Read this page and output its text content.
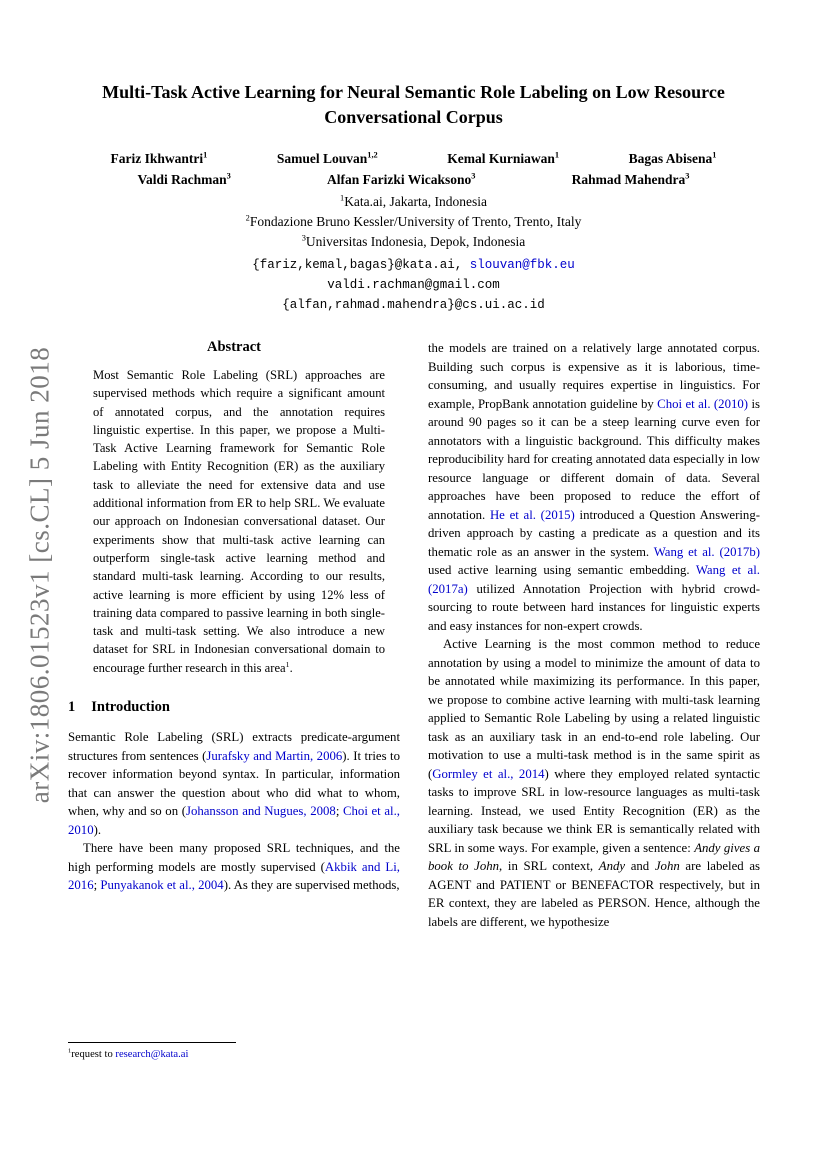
arXiv:1806.01523v1 [cs.CL] 5 Jun 2018
Multi-Task Active Learning for Neural Semantic Role Labeling on Low Resource Conversational Corpus
Fariz Ikhwantri$^1$	Samuel Louvan$^{1,2}$	Kemal Kurniawan$^1$	Bagas Abisena$^1$
Valdi Rachman$^3$	Alfan Farizki Wicaksono$^3$	Rahmad Mahendra$^3$
$^1$Kata.ai, Jakarta, Indonesia
$^2$Fondazione Bruno Kessler/University of Trento, Trento, Italy
$^3$Universitas Indonesia, Depok, Indonesia
{fariz,kemal,bagas}@kata.ai, slouvan@fbk.eu
valdi.rachman@gmail.com
{alfan,rahmad.mahendra}@cs.ui.ac.id
Abstract

Most Semantic Role Labeling (SRL) approaches are supervised methods which require a significant amount of annotated corpus, and the annotation requires linguistic expertise. In this paper, we propose a Multi-Task Active Learning framework for Semantic Role Labeling with Entity Recognition (ER) as the auxiliary task to alleviate the need for extensive data and use additional information from ER to help SRL. We evaluate our approach on Indonesian conversational dataset. Our experiments show that multi-task active learning can outperform single-task active learning method and standard multi-task learning. According to our results, active learning is more efficient by using 12% less of training data compared to passive learning in both single-task and multi-task setting. We also introduce a new dataset for SRL in Indonesian conversational domain to encourage further research in this area$^1$.

1 Introduction

Semantic Role Labeling (SRL) extracts predicate-argument structures from sentences (Jurafsky and Martin, 2006). It tries to recover information beyond syntax. In particular, information that can answer the question about who did what to whom, when, why and so on (Johansson and Nugues, 2008; Choi et al., 2010).

There have been many proposed SRL techniques, and the high performing models are mostly supervised (Akbik and Li, 2016; Punyakanok et al., 2004). As they are supervised methods,

the models are trained on a relatively large annotated corpus. Building such corpus is expensive as it is laborious, time-consuming, and usually requires expertise in linguistics. For example, PropBank annotation guideline by Choi et al. (2010) is around 90 pages so it can be a steep learning curve even for annotators with a linguistic background. This difficulty makes reproducibility hard for creating annotated data especially in low resource language or different domain of data. Several approaches have been proposed to reduce the effort of annotation. He et al. (2015) introduced a Question Answering-driven approach by casting a predicate as a question and its thematic role as an answer in the system. Wang et al. (2017b) used active learning using semantic embedding. Wang et al. (2017a) utilized Annotation Projection with hybrid crowd-sourcing to route between hard instances for linguistic experts and easy instances for non-expert crowds.

Active Learning is the most common method to reduce annotation by using a model to minimize the amount of data to be annotated while maximizing its performance. In this paper, we propose to combine active learning with multi-task learning applied to Semantic Role Labeling by using a related linguistic task as an auxiliary task in an end-to-end role labeling. Our motivation to use a multi-task method is in the same spirit as (Gormley et al., 2014) where they employed related syntactic tasks to improve SRL in low-resource languages as multi-task learning. Instead, we used Entity Recognition (ER) as the auxiliary task because we think ER is semantically related with SRL in some ways. For example, given a sentence: Andy gives a book to John, in SRL context, Andy and John are labeled as AGENT and PATIENT or BENEFACTOR respectively, but in ER context, they are labeled as PERSON. Hence, although the labels are different, we hypothesize

$^1$request to research@kata.ai
